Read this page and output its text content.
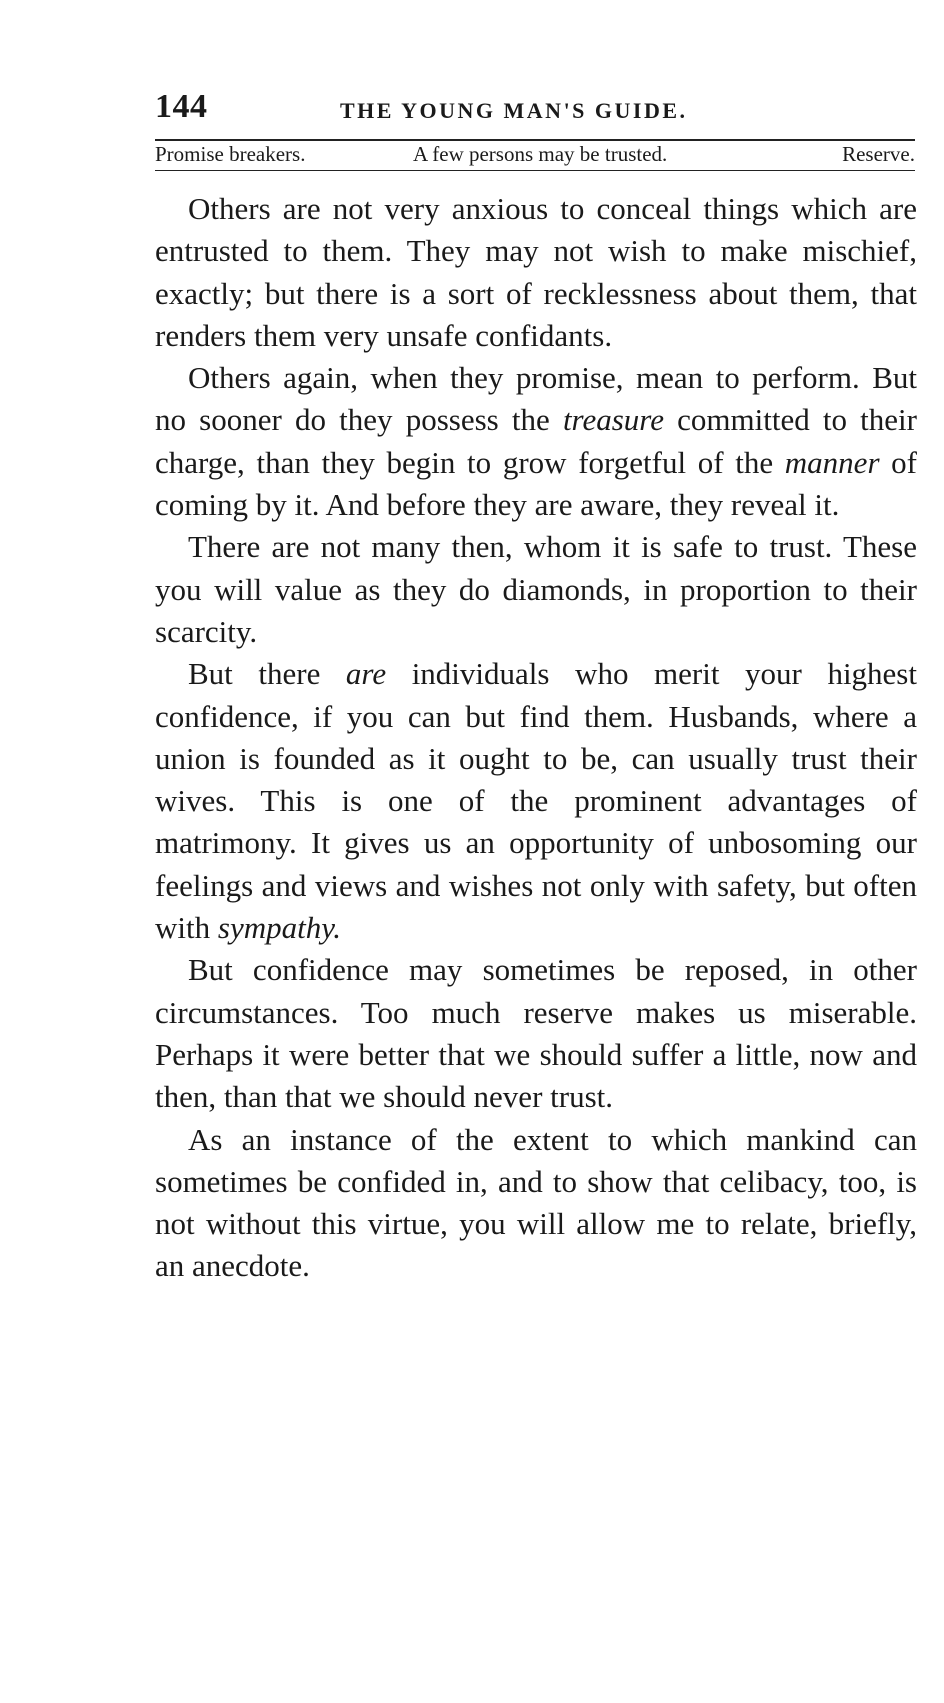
144	THE YOUNG MAN'S GUIDE.
Promise breakers.	A few persons may be trusted.	Reserve.

Others are not very anxious to conceal things which are entrusted to them. They may not wish to make mischief, exactly; but there is a sort of recklessness about them, that renders them very unsafe confidants.

Others again, when they promise, mean to perform. But no sooner do they possess the treasure committed to their charge, than they begin to grow forgetful of the manner of coming by it. And before they are aware, they reveal it.

There are not many then, whom it is safe to trust. These you will value as they do diamonds, in proportion to their scarcity.

But there are individuals who merit your highest confidence, if you can but find them. Husbands, where a union is founded as it ought to be, can usually trust their wives. This is one of the prominent advantages of matrimony. It gives us an opportunity of unbosoming our feelings and views and wishes not only with safety, but often with sympathy.

But confidence may sometimes be reposed, in other circumstances. Too much reserve makes us miserable. Perhaps it were better that we should suffer a little, now and then, than that we should never trust.

As an instance of the extent to which mankind can sometimes be confided in, and to show that celibacy, too, is not without this virtue, you will allow me to relate, briefly, an anecdote.
